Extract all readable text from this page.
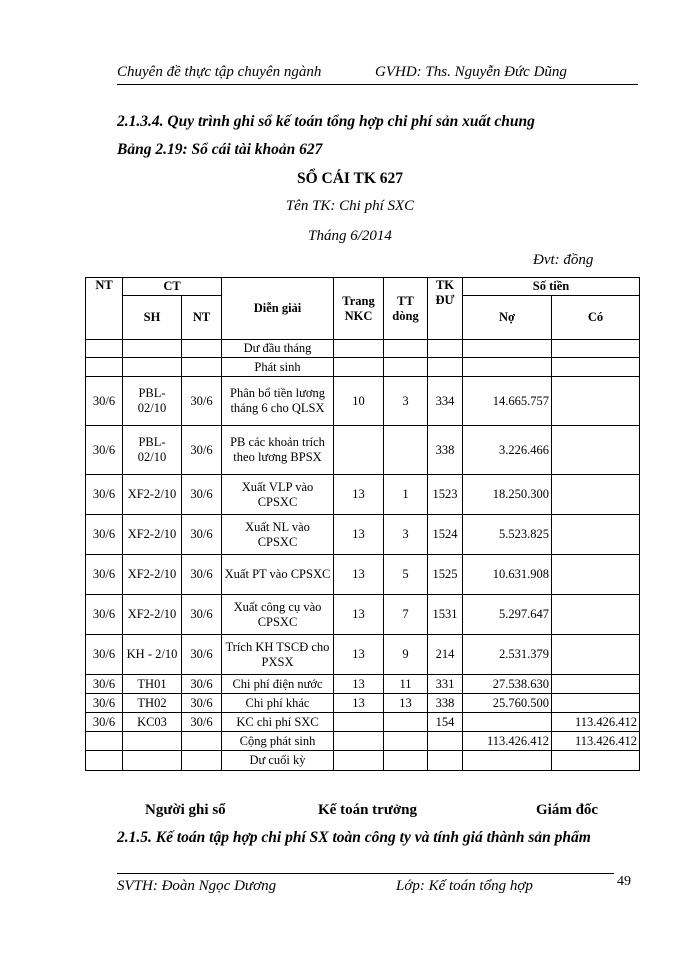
Chuyên đề thực tập chuyên ngành	GVHD: Ths. Nguyễn Đức Dũng
2.1.3.4. Quy trình ghi sổ kế toán tổng hợp chi phí sản xuất chung
Bảng 2.19: Sổ cái tài khoản 627
SỔ CÁI TK 627
Tên TK: Chi phí SXC
Tháng 6/2014
Đvt: đồng
NT	CT		Diễn giải	Trang NKC	TT dòng	TK ĐƯ	Số tiền	
	SH	NT					Nợ	Có
			Dư đầu tháng					
			Phát sinh					
30/6	PBL-02/10	30/6	Phân bổ tiền lương tháng 6 cho QLSX	10	3	334	14.665.757	
30/6	PBL-02/10	30/6	PB các khoản trích theo lương BPSX			338	3.226.466	
30/6	XF2-2/10	30/6	Xuất VLP vào CPSXC	13	1	1523	18.250.300	
30/6	XF2-2/10	30/6	Xuất NL vào CPSXC	13	3	1524	5.523.825	
30/6	XF2-2/10	30/6	Xuất PT vào CPSXC	13	5	1525	10.631.908	
30/6	XF2-2/10	30/6	Xuất công cụ vào CPSXC	13	7	1531	5.297.647	
30/6	KH - 2/10	30/6	Trích KH TSCĐ cho PXSX	13	9	214	2.531.379	
30/6	TH01	30/6	Chi phí điện nước	13	11	331	27.538.630	
30/6	TH02	30/6	Chi phí khác	13	13	338	25.760.500	
30/6	KC03	30/6	KC chi phí SXC			154		113.426.412
			Cộng phát sinh				113.426.412	113.426.412
			Dư cuối kỳ					
Người ghi sổ	Kế toán trưởng	Giám đốc
2.1.5. Kế toán tập hợp chi phí SX toàn công ty và tính giá thành sản phẩm
SVTH: Đoàn Ngọc Dương	Lớp: Kế toán tổng hợp	49
